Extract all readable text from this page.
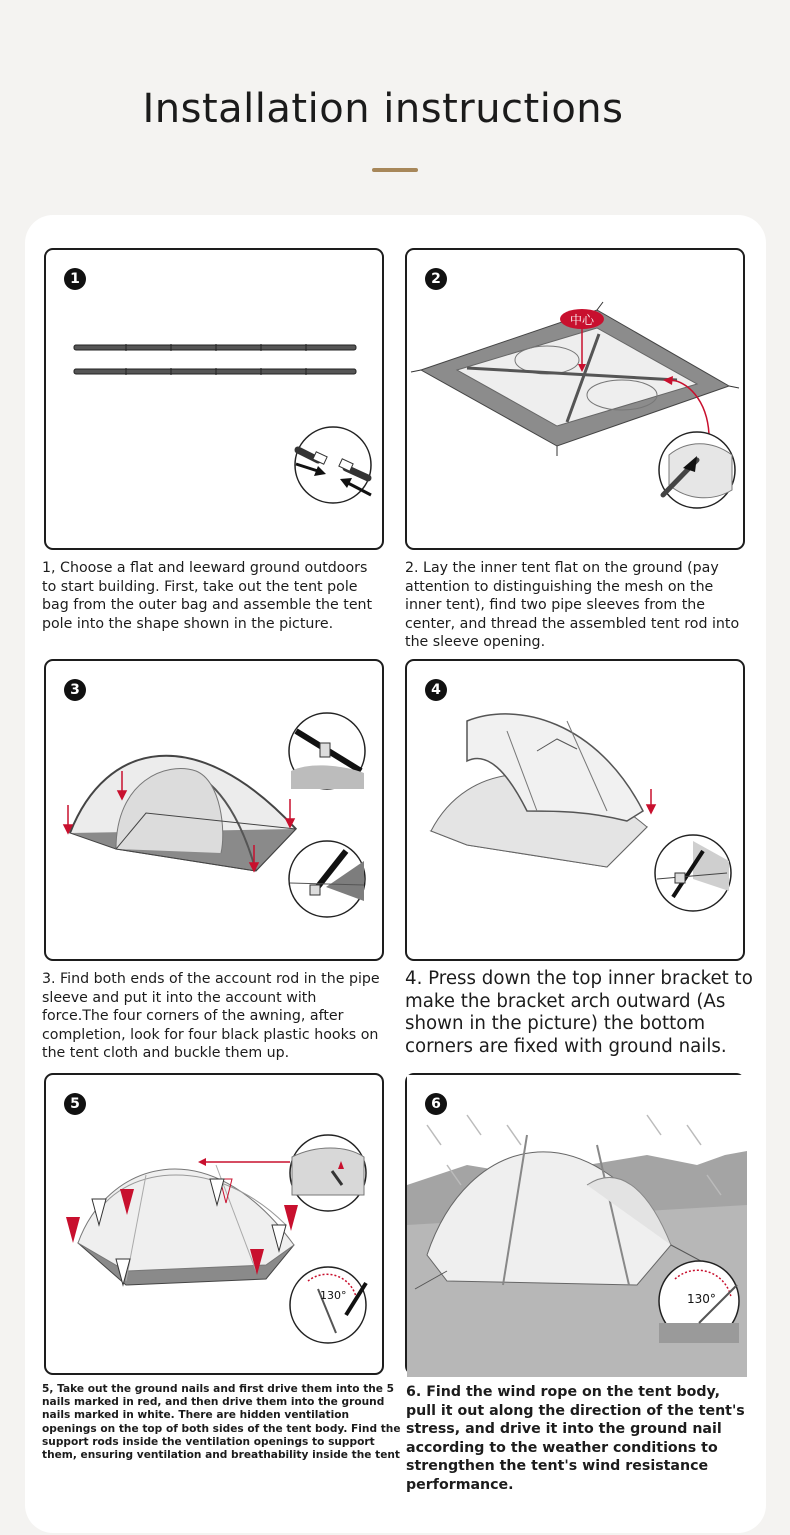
Installation instructions
1
1, Choose a flat and leeward ground outdoors to start building. First, take out the tent pole bag from the outer bag and assemble the tent pole into the shape shown in the picture.
2
中心
2. Lay the inner tent flat on the ground (pay attention to distinguishing the mesh on the inner tent), find two pipe sleeves from the center, and thread the assembled tent rod into the sleeve opening.
3
3. Find both ends of the account rod in the pipe sleeve and put it into the account with force.The four corners of the awning, after completion, look for four black plastic hooks on the tent cloth and buckle them up.
4
4. Press down the top inner bracket to make the bracket arch outward (As shown in the picture) the bottom corners are fixed with ground nails.
5
130°
5, Take out the ground nails and first drive them into the 5 nails marked in red, and then drive them into the ground nails marked in white. There are hidden ventilation openings on the top of both sides of the tent body. Find the support rods inside the ventilation openings to support them, ensuring ventilation and breathability inside the tent
6
130°
6. Find the wind rope on the tent body, pull it out along the direction of the tent's stress, and drive it into the ground nail according to the weather conditions to strengthen the tent's wind resistance performance.
